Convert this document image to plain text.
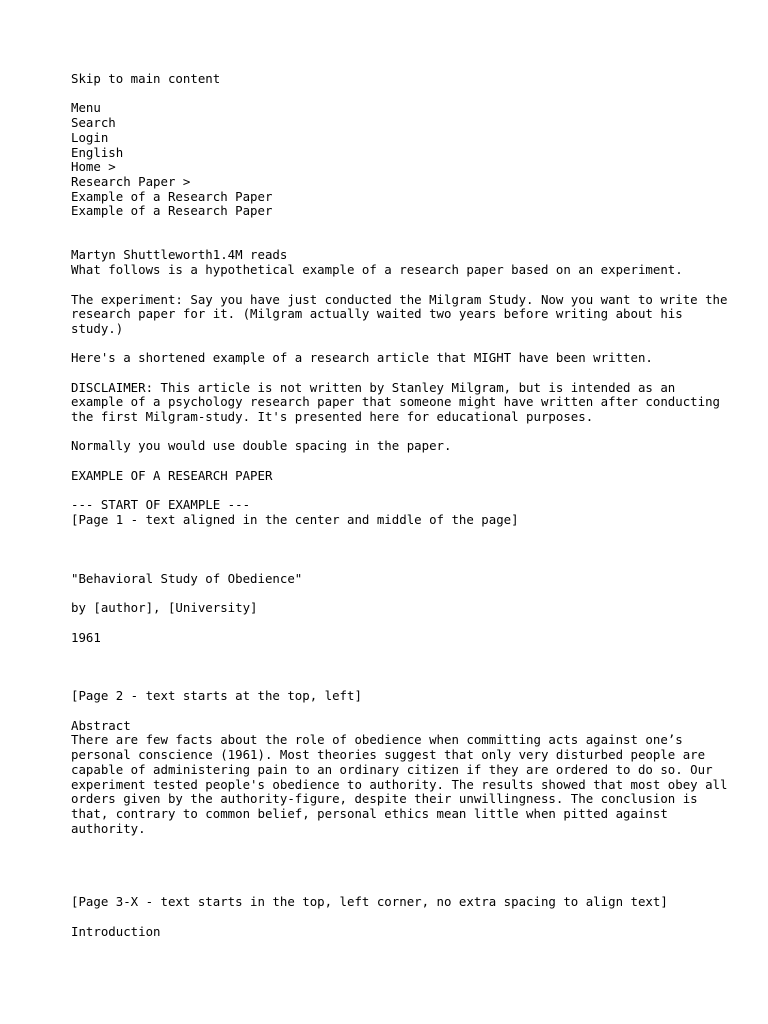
Skip to main content
Menu
Search
Login
English
Home >
Research Paper >
Example of a Research Paper
Example of a Research Paper
Martyn Shuttleworth1.4M reads

What follows is a hypothetical example of a research paper based on an experiment.

The experiment: Say you have just conducted the Milgram Study. Now you want to write the research paper for it. (Milgram actually waited two years before writing about his study.)

Here's a shortened example of a research article that MIGHT have been written.

DISCLAIMER: This article is not written by Stanley Milgram, but is intended as an example of a psychology research paper that someone might have written after conducting the first Milgram-study. It's presented here for educational purposes.

Normally you would use double spacing in the paper.

EXAMPLE OF A RESEARCH PAPER

--- START OF EXAMPLE ---

[Page 1 - text aligned in the center and middle of the page]

"Behavioral Study of Obedience"

by [author], [University]

1961

[Page 2 - text starts at the top, left]

Abstract

There are few facts about the role of obedience when committing acts against one’s personal conscience (1961). Most theories suggest that only very disturbed people are capable of administering pain to an ordinary citizen if they are ordered to do so. Our experiment tested people's obedience to authority. The results showed that most obey all orders given by the authority-figure, despite their unwillingness. The conclusion is that, contrary to common belief, personal ethics mean little when pitted against authority.

[Page 3-X - text starts in the top, left corner, no extra spacing to align text]

Introduction
